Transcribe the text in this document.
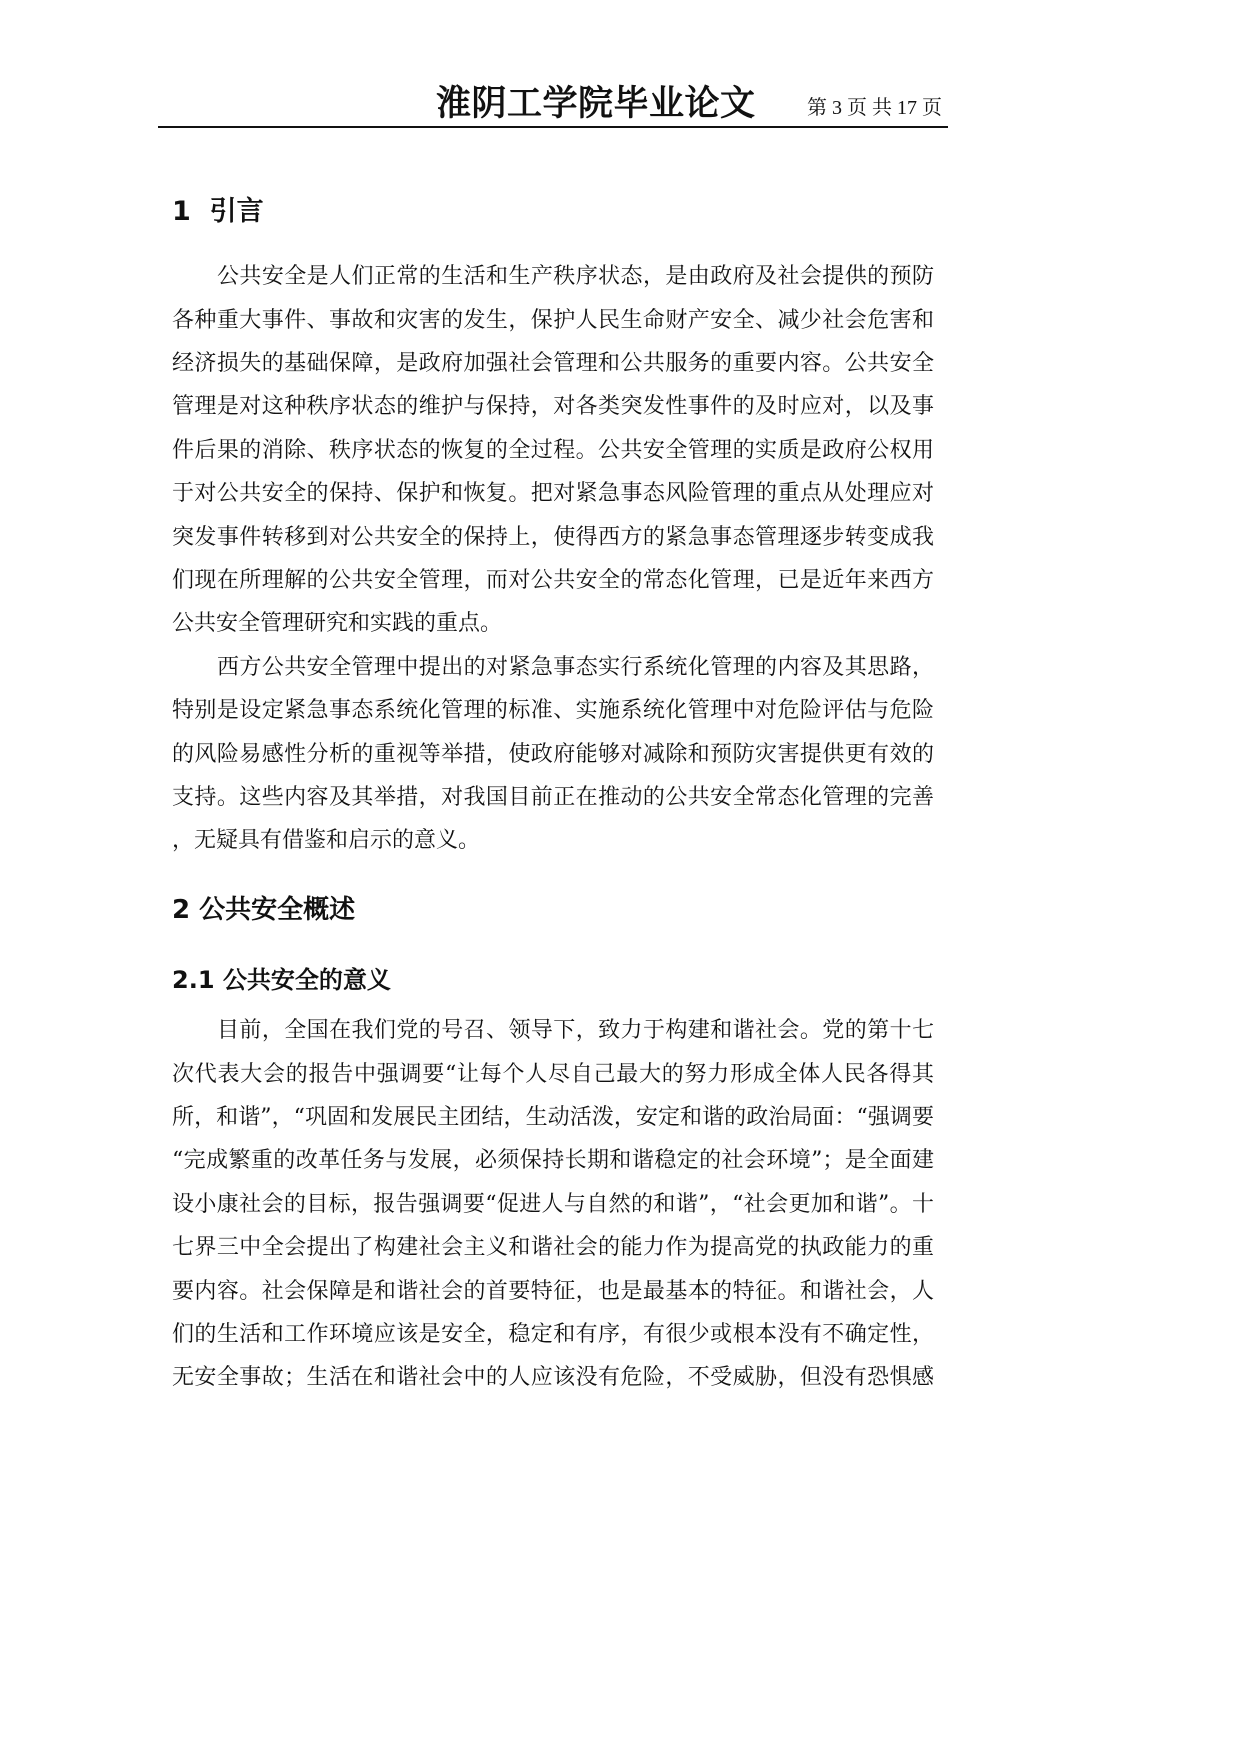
淮阴工学院毕业论文	第 3 页 共 17 页
1  引言
公共安全是人们正常的生活和生产秩序状态，是由政府及社会提供的预防
各种重大事件、事故和灾害的发生，保护人民生命财产安全、减少社会危害和
经济损失的基础保障，是政府加强社会管理和公共服务的重要内容。公共安全
管理是对这种秩序状态的维护与保持，对各类突发性事件的及时应对，以及事
件后果的消除、秩序状态的恢复的全过程。公共安全管理的实质是政府公权用
于对公共安全的保持、保护和恢复。把对紧急事态风险管理的重点从处理应对
突发事件转移到对公共安全的保持上，使得西方的紧急事态管理逐步转变成我
们现在所理解的公共安全管理，而对公共安全的常态化管理，已是近年来西方
公共安全管理研究和实践的重点。
西方公共安全管理中提出的对紧急事态实行系统化管理的内容及其思路，
特别是设定紧急事态系统化管理的标准、实施系统化管理中对危险评估与危险
的风险易感性分析的重视等举措，使政府能够对减除和预防灾害提供更有效的
支持。这些内容及其举措，对我国目前正在推动的公共安全常态化管理的完善
，无疑具有借鉴和启示的意义。
2 公共安全概述
2.1 公共安全的意义
目前，全国在我们党的号召、领导下，致力于构建和谐社会。党的第十七
次代表大会的报告中强调要“让每个人尽自己最大的努力形成全体人民各得其
所，和谐”，“巩固和发展民主团结，生动活泼，安定和谐的政治局面：“强调要
“完成繁重的改革任务与发展，必须保持长期和谐稳定的社会环境”；是全面建
设小康社会的目标，报告强调要“促进人与自然的和谐”，“社会更加和谐”。十
七界三中全会提出了构建社会主义和谐社会的能力作为提高党的执政能力的重
要内容。社会保障是和谐社会的首要特征，也是最基本的特征。和谐社会，人
们的生活和工作环境应该是安全，稳定和有序，有很少或根本没有不确定性，
无安全事故；生活在和谐社会中的人应该没有危险，不受威胁，但没有恐惧感
